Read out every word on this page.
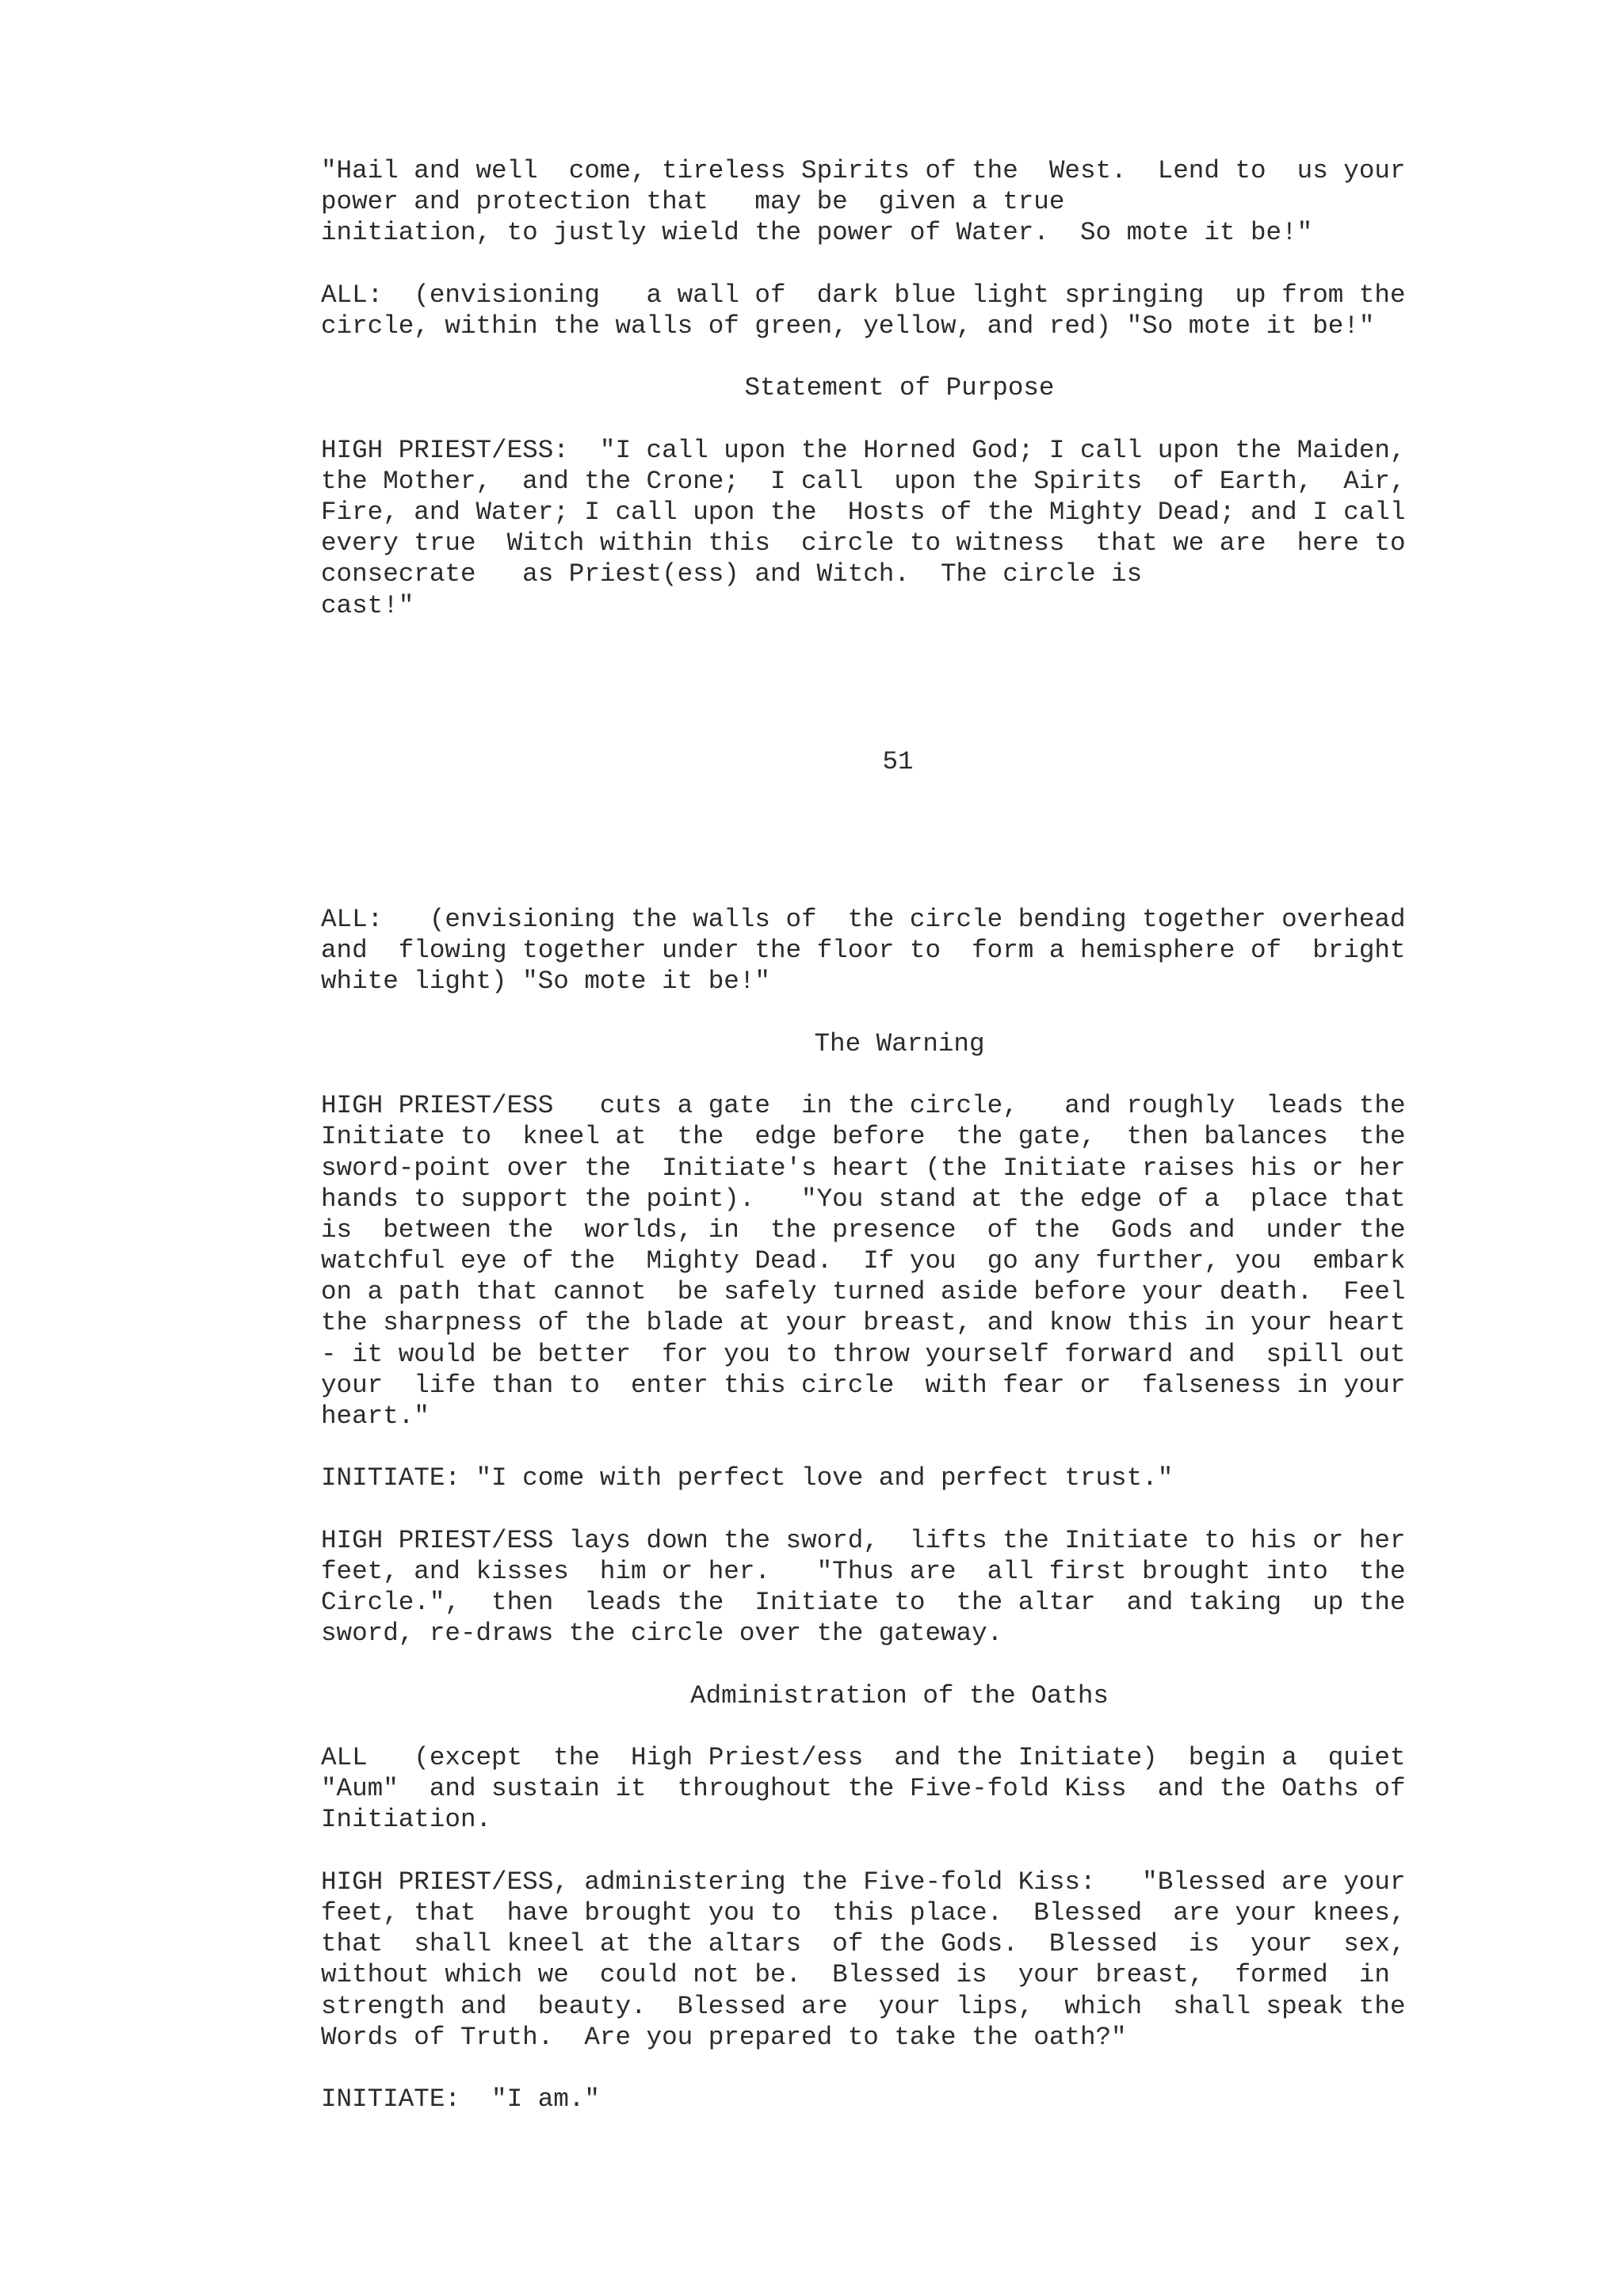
"Hail and well  come, tireless Spirits of the  West.  Lend to  us your

power and protection that   may be  given a true

initiation, to justly wield the power of Water.  So mote it be!"

ALL:  (envisioning   a wall of  dark blue light springing  up from the

circle, within the walls of green, yellow, and red) "So mote it be!"

Statement of Purpose

HIGH PRIEST/ESS:  "I call upon the Horned God; I call upon the Maiden,

the Mother,  and the Crone;  I call  upon the Spirits  of Earth,  Air,

Fire, and Water; I call upon the  Hosts of the Mighty Dead; and I call

every true  Witch within this  circle to witness  that we are  here to

consecrate   as Priest(ess) and Witch.  The circle is

cast!"

51

ALL:   (envisioning the walls of  the circle bending together overhead

and  flowing together under the floor to  form a hemisphere of  bright

white light) "So mote it be!"

The Warning

HIGH PRIEST/ESS   cuts a gate  in the circle,   and roughly  leads the

Initiate to  kneel at  the  edge before  the gate,  then balances  the

sword-point over the  Initiate's heart (the Initiate raises his or her

hands to support the point).   "You stand at the edge of a  place that

is  between the  worlds, in  the presence  of the  Gods and  under the

watchful eye of the  Mighty Dead.  If you  go any further, you  embark

on a path that cannot  be safely turned aside before your death.  Feel

the sharpness of the blade at your breast, and know this in your heart

- it would be better  for you to throw yourself forward and  spill out

your  life than to  enter this circle  with fear or  falseness in your

heart."

INITIATE: "I come with perfect love and perfect trust."

HIGH PRIEST/ESS lays down the sword,  lifts the Initiate to his or her

feet, and kisses  him or her.   "Thus are  all first brought into  the

Circle.",  then  leads the  Initiate to  the altar  and taking  up the

sword, re-draws the circle over the gateway.

Administration of the Oaths

ALL   (except  the  High Priest/ess  and the Initiate)  begin a  quiet

"Aum"  and sustain it  throughout the Five-fold Kiss  and the Oaths of

Initiation.

HIGH PRIEST/ESS, administering the Five-fold Kiss:   "Blessed are your

feet, that  have brought you to  this place.  Blessed  are your knees,

that  shall kneel at the altars  of the Gods.  Blessed  is  your  sex,

without which we  could not be.  Blessed is  your breast,  formed  in

strength and  beauty.  Blessed are  your lips,  which  shall speak the

Words of Truth.  Are you prepared to take the oath?"

INITIATE:  "I am."
